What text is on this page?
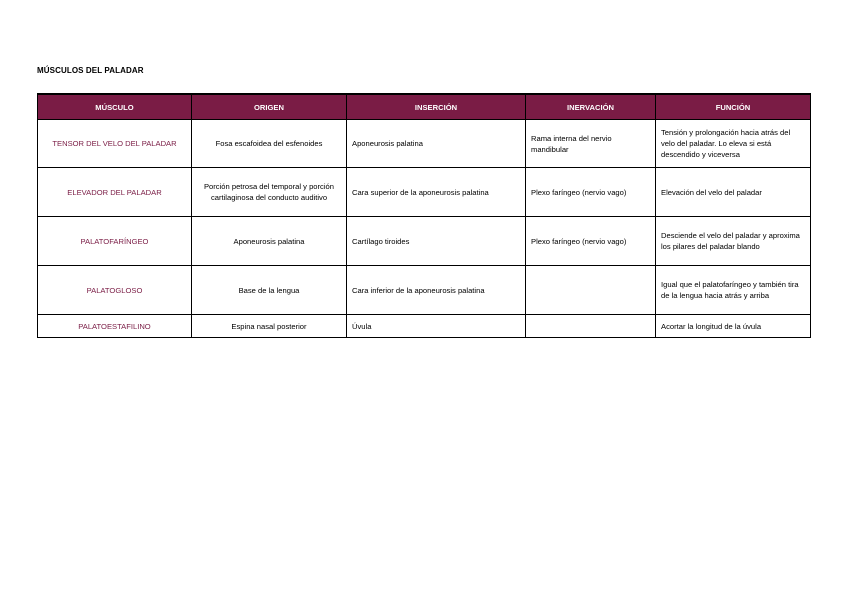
MÚSCULOS DEL PALADAR
MÚSCULO	ORIGEN	INSERCIÓN	INERVACIÓN	FUNCIÓN
TENSOR DEL VELO DEL PALADAR	Fosa escafoidea del esfenoides	Aponeurosis palatina	Rama interna del nervio mandibular	Tensión y prolongación hacia atrás del velo del paladar. Lo eleva si está descendido y viceversa
ELEVADOR DEL PALADAR	Porción petrosa del temporal y porción cartilaginosa del conducto auditivo	Cara superior de la aponeurosis palatina	Plexo faríngeo (nervio vago)	Elevación del velo del paladar
PALATOFARÍNGEO	Aponeurosis palatina	Cartílago tiroides	Plexo faríngeo (nervio vago)	Desciende el velo del paladar y aproxima los pilares del paladar blando
PALATOGLOSO	Base de la lengua	Cara inferior de la aponeurosis palatina		Igual que el palatofaríngeo y también tira de la lengua hacia atrás y arriba
PALATOESTAFILINO	Espina nasal posterior	Úvula		Acortar la longitud de la úvula
